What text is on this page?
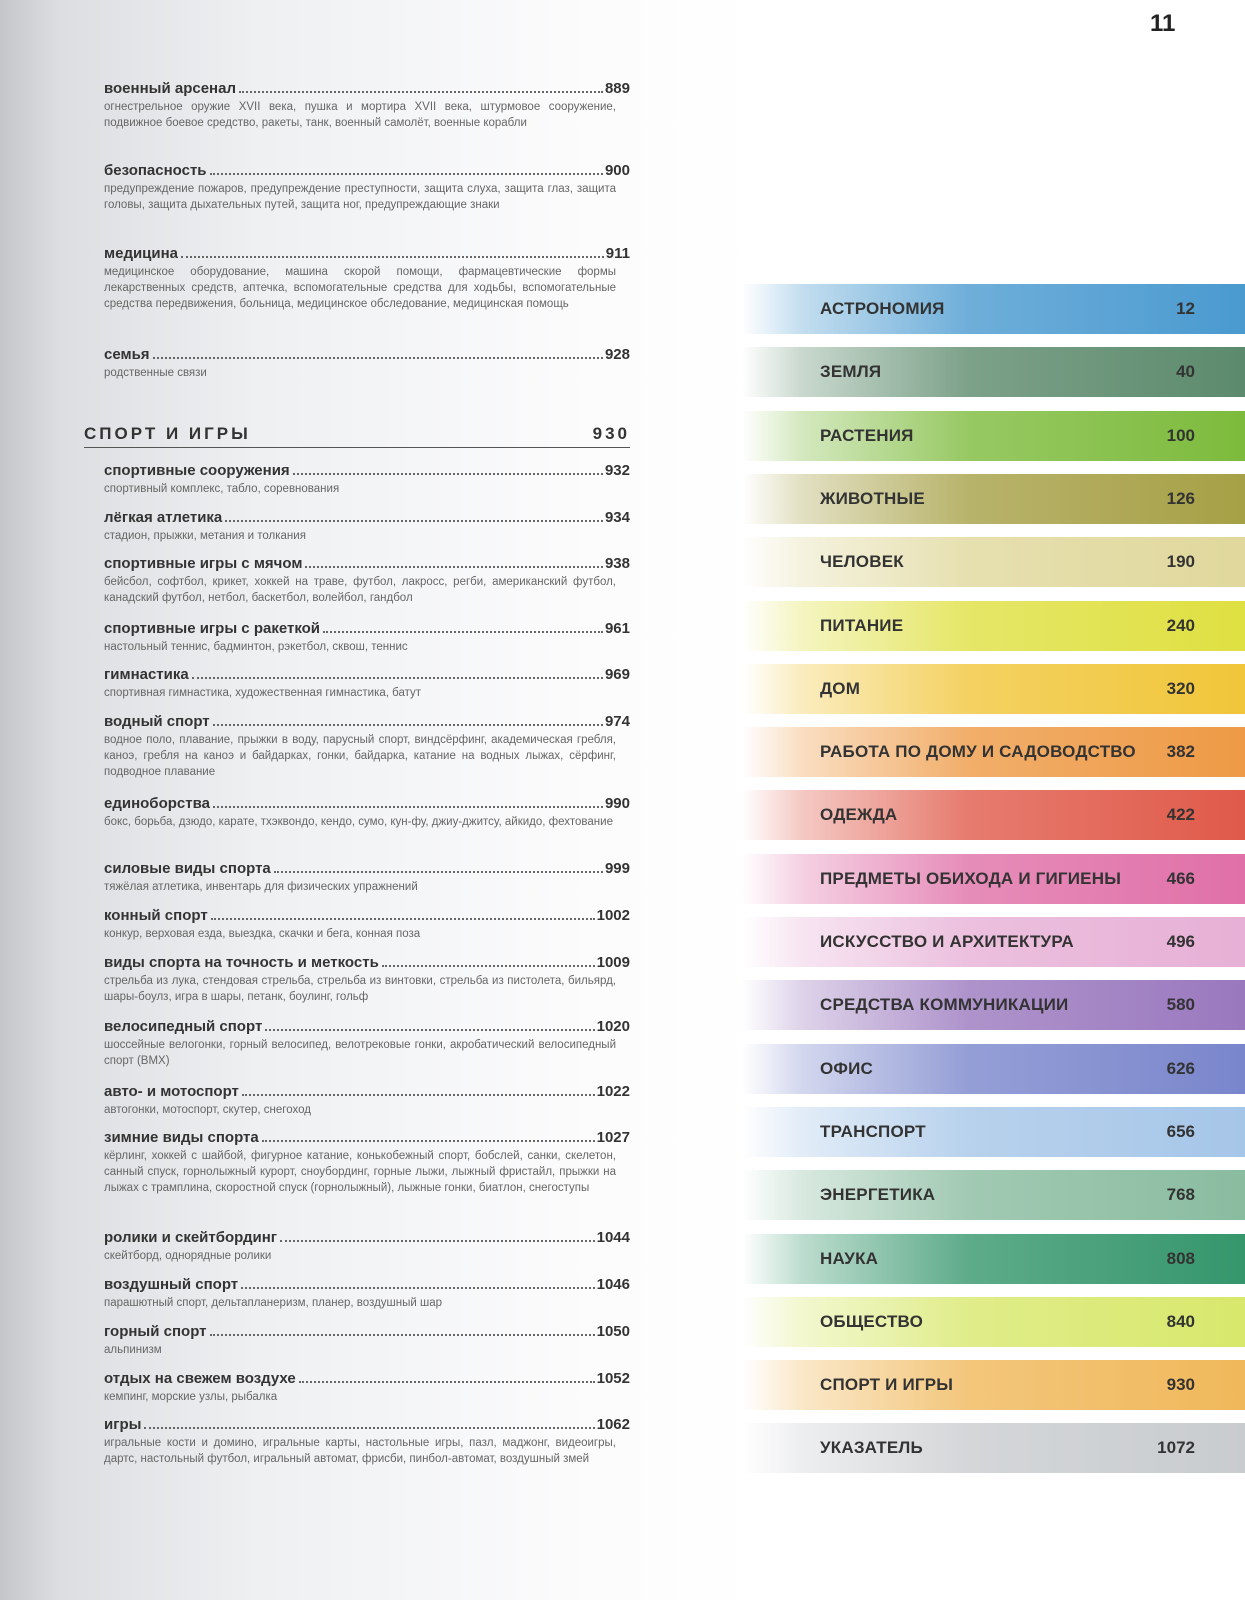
11
военный арсенал	889
огнестрельное оружие XVII века, пушка и мортира XVII века, штурмовое сооружение, подвижное боевое средство, ракеты, танк, военный самолёт, военные корабли
безопасность	900
предупреждение пожаров, предупреждение преступности, защита слуха, защита глаз, защита головы, защита дыхательных путей, защита ног, предупреждающие знаки
медицина	911
медицинское оборудование, машина скорой помощи, фармацевтические формы лекарственных средств, аптечка, вспомогательные средства для ходьбы, вспомогательные средства передвижения, больница, медицинское обследование, медицинская помощь
семья	928
родственные связи
СПОРТ И ИГРЫ	930
спортивные сооружения	932
спортивный комплекс, табло, соревнования
лёгкая атлетика	934
стадион, прыжки, метания и толкания
спортивные игры с мячом	938
бейсбол, софтбол, крикет, хоккей на траве, футбол, лакросс, регби, американский футбол, канадский футбол, нетбол, баскетбол, волейбол, гандбол
спортивные игры с ракеткой	961
настольный теннис, бадминтон, рэкетбол, сквош, теннис
гимнастика	969
спортивная гимнастика, художественная гимнастика, батут
водный спорт	974
водное поло, плавание, прыжки в воду, парусный спорт, виндсёрфинг, академическая гребля, каноэ, гребля на каноэ и байдарках, гонки, байдарка, катание на водных лыжах, сёрфинг, подводное плавание
единоборства	990
бокс, борьба, дзюдо, карате, тхэквондо, кендо, сумо, кун-фу, джиу-джитсу, айкидо, фехтование
силовые виды спорта	999
тяжёлая атлетика, инвентарь для физических упражнений
конный спорт	1002
конкур, верховая езда, выездка, скачки и бега, конная поза
виды спорта на точность и меткость	1009
стрельба из лука, стендовая стрельба, стрельба из винтовки, стрельба из пистолета, бильярд, шары-боулз, игра в шары, петанк, боулинг, гольф
велосипедный спорт	1020
шоссейные велогонки, горный велосипед, велотрековые гонки, акробатический велосипедный спорт (BMX)
авто- и мотоспорт	1022
автогонки, мотоспорт, скутер, снегоход
зимние виды спорта	1027
кёрлинг, хоккей с шайбой, фигурное катание, конькобежный спорт, бобслей, санки, скелетон, санный спуск, горнолыжный курорт, сноубординг, горные лыжи, лыжный фристайл, прыжки на лыжах с трамплина, скоростной спуск (горнолыжный), лыжные гонки, биатлон, снегоступы
ролики и скейтбординг	1044
скейтборд, однорядные ролики
воздушный спорт	1046
парашютный спорт, дельтапланеризм, планер, воздушный шар
горный спорт	1050
альпинизм
отдых на свежем воздухе	1052
кемпинг, морские узлы, рыбалка
игры	1062
игральные кости и домино, игральные карты, настольные игры, пазл, маджонг, видеоигры, дартс, настольный футбол, игральный автомат, фрисби, пинбол-автомат, воздушный змей
АСТРОНОМИЯ	12
ЗЕМЛЯ	40
РАСТЕНИЯ	100
ЖИВОТНЫЕ	126
ЧЕЛОВЕК	190
ПИТАНИЕ	240
ДОМ	320
РАБОТА ПО ДОМУ И САДОВОДСТВО 382
ОДЕЖДА	422
ПРЕДМЕТЫ ОБИХОДА И ГИГИЕНЫ	466
ИСКУССТВО И АРХИТЕКТУРА	496
СРЕДСТВА КОММУНИКАЦИИ	580
ОФИС	626
ТРАНСПОРТ	656
ЭНЕРГЕТИКА	768
НАУКА	808
ОБЩЕСТВО	840
СПОРТ И ИГРЫ	930
УКАЗАТЕЛЬ	1072
